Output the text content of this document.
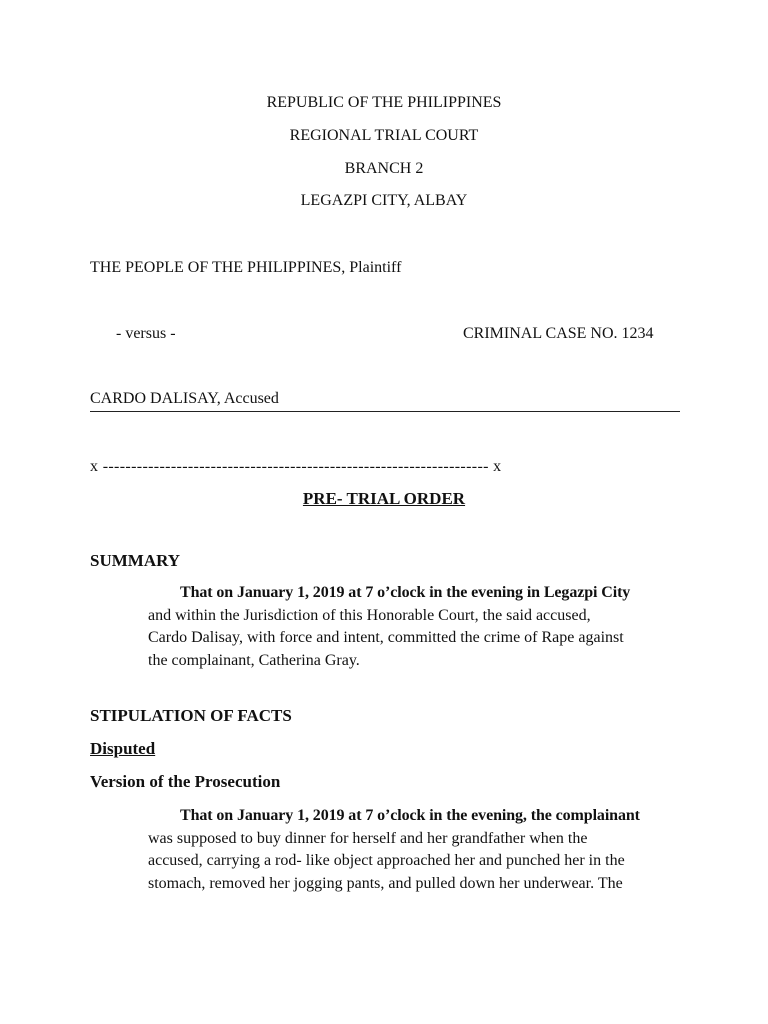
REPUBLIC OF THE PHILIPPINES
REGIONAL TRIAL COURT
BRANCH 2
LEGAZPI CITY, ALBAY
THE PEOPLE OF THE PHILIPPINES, Plaintiff
- versus -	CRIMINAL CASE NO. 1234
CARDO DALISAY, Accused
x -------------------------------------------------------------------- x
PRE- TRIAL ORDER
SUMMARY
That on January 1, 2019 at 7 o’clock in the evening in Legazpi City
and within the Jurisdiction of this Honorable Court, the said accused,
Cardo Dalisay, with force and intent, committed the crime of Rape against
the complainant, Catherina Gray.
STIPULATION OF FACTS
Disputed
Version of the Prosecution
That on January 1, 2019 at 7 o’clock in the evening, the complainant
was supposed to buy dinner for herself and her grandfather when the
accused, carrying a rod- like object approached her and punched her in the
stomach, removed her jogging pants, and pulled down her underwear. The
